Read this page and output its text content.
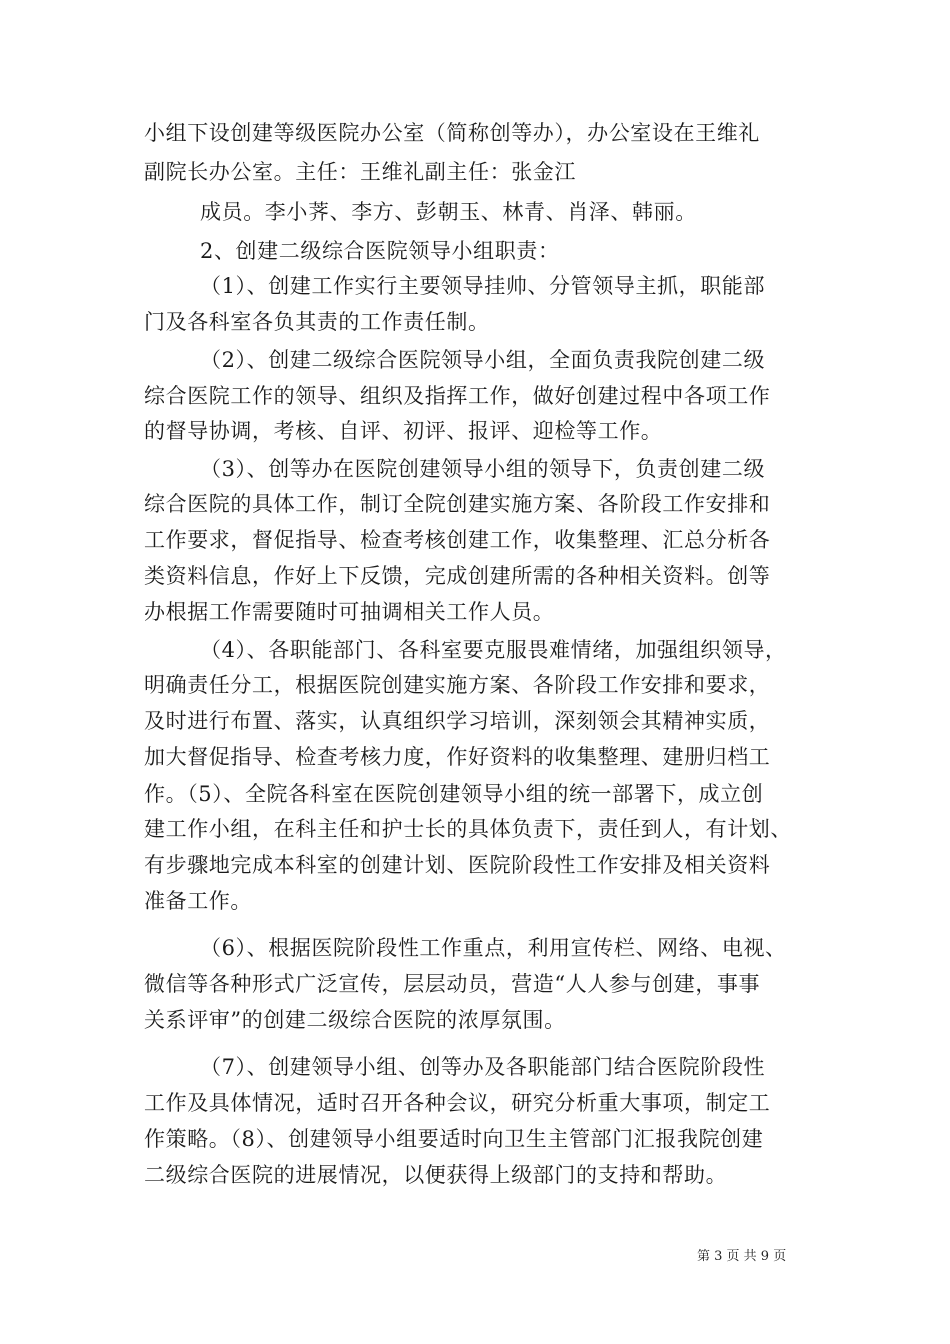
小组下设创建等级医院办公室（简称创等办），办公室设在王维礼
副院长办公室。主任：王维礼副主任：张金江
成员。李小荠、李方、彭朝玉、林青、肖泽、韩丽。
2、创建二级综合医院领导小组职责：
（1）、创建工作实行主要领导挂帅、分管领导主抓，职能部
门及各科室各负其责的工作责任制。
（2）、创建二级综合医院领导小组，全面负责我院创建二级
综合医院工作的领导、组织及指挥工作，做好创建过程中各项工作
的督导协调，考核、自评、初评、报评、迎检等工作。
（3）、创等办在医院创建领导小组的领导下，负责创建二级
综合医院的具体工作，制订全院创建实施方案、各阶段工作安排和
工作要求，督促指导、检查考核创建工作，收集整理、汇总分析各
类资料信息，作好上下反馈，完成创建所需的各种相关资料。创等
办根据工作需要随时可抽调相关工作人员。
（4）、各职能部门、各科室要克服畏难情绪，加强组织领导，
明确责任分工，根据医院创建实施方案、各阶段工作安排和要求，
及时进行布置、落实，认真组织学习培训，深刻领会其精神实质，
加大督促指导、检查考核力度，作好资料的收集整理、建册归档工
作。（5）、全院各科室在医院创建领导小组的统一部署下，成立创
建工作小组，在科主任和护士长的具体负责下，责任到人，有计划、
有步骤地完成本科室的创建计划、医院阶段性工作安排及相关资料
准备工作。
（6）、根据医院阶段性工作重点，利用宣传栏、网络、电视、
微信等各种形式广泛宣传，层层动员，营造“人人参与创建，事事
关系评审”的创建二级综合医院的浓厚氛围。
（7）、创建领导小组、创等办及各职能部门结合医院阶段性
工作及具体情况，适时召开各种会议，研究分析重大事项，制定工
作策略。（8）、创建领导小组要适时向卫生主管部门汇报我院创建
二级综合医院的进展情况，以便获得上级部门的支持和帮助。
第 3 页 共 9 页
